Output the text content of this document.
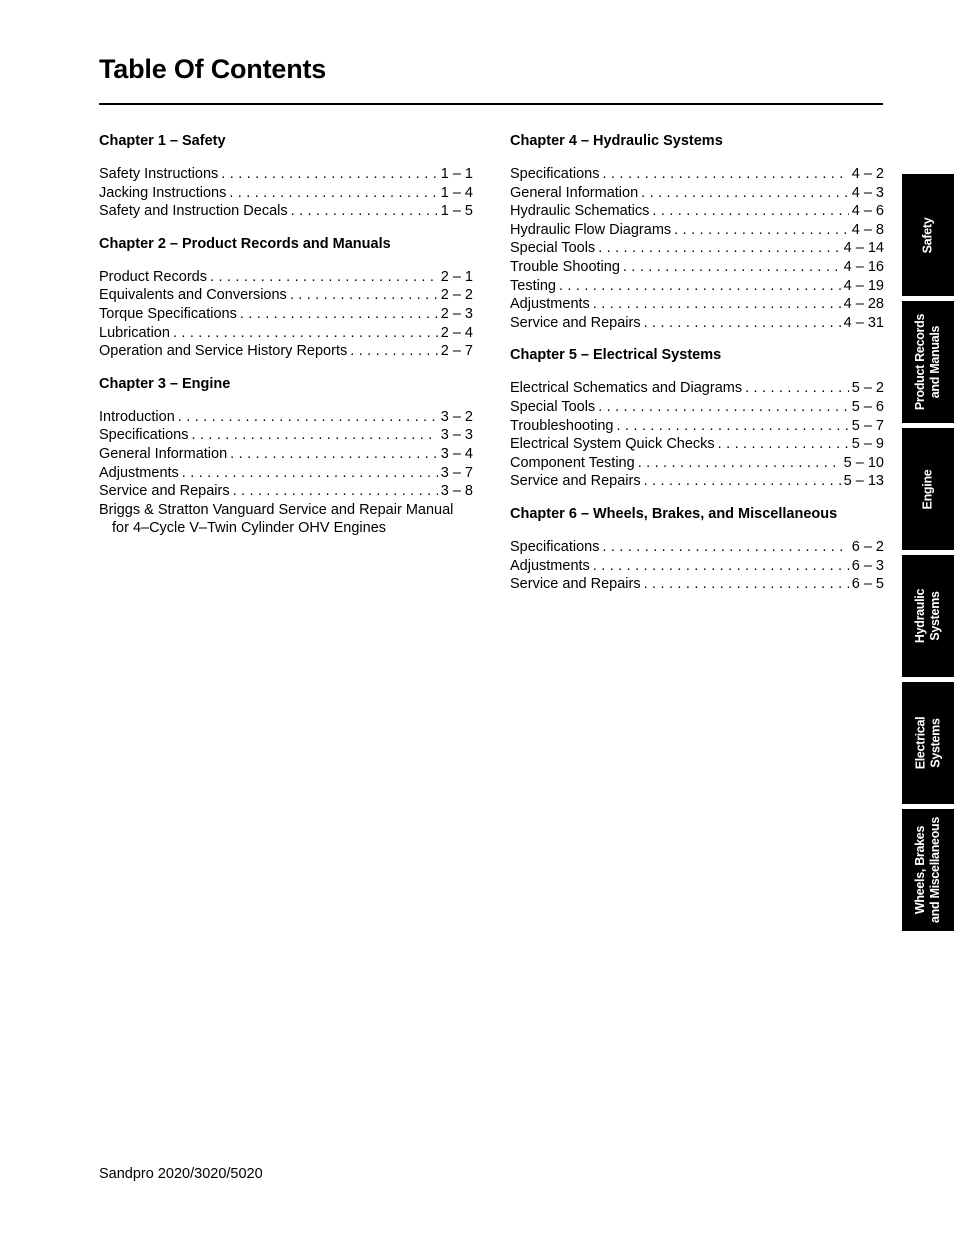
Table Of Contents
Chapter 1 – Safety
Safety Instructions . . .	1 – 1
Jacking Instructions . . .	1 – 4
Safety and Instruction Decals . . .	1 – 5
Chapter 2 – Product Records and Manuals
Product Records . . .	2 – 1
Equivalents and Conversions . . .	2 – 2
Torque Specifications . . .	2 – 3
Lubrication . . .	2 – 4
Operation and Service History Reports . . .	2 – 7
Chapter 3 – Engine
Introduction . . .	3 – 2
Specifications . . .	3 – 3
General Information . . .	3 – 4
Adjustments . . .	3 – 7
Service and Repairs . . .	3 – 8
Briggs & Stratton Vanguard Service and Repair Manual
for 4–Cycle V–Twin Cylinder OHV Engines
Chapter 4 – Hydraulic Systems
Specifications . . .	4 – 2
General Information . . .	4 – 3
Hydraulic Schematics . . .	4 – 6
Hydraulic Flow Diagrams . . .	4 – 8
Special Tools . . .	4 – 14
Trouble Shooting . . .	4 – 16
Testing . . .	4 – 19
Adjustments . . .	4 – 28
Service and Repairs . . .	4 – 31
Chapter 5 – Electrical Systems
Electrical Schematics and Diagrams . . .	5 – 2
Special Tools . . .	5 – 6
Troubleshooting . . .	5 – 7
Electrical System Quick Checks . . .	5 – 9
Component Testing . . .	5 – 10
Service and Repairs . . .	5 – 13
Chapter 6 – Wheels, Brakes, and Miscellaneous
Specifications . . .	6 – 2
Adjustments . . .	6 – 3
Service and Repairs . . .	6 – 5
Safety
Product Records
and Manuals
Engine
Hydraulic
Systems
Electrical
Systems
Wheels, Brakes
and Miscellaneous
Sandpro 2020/3020/5020
